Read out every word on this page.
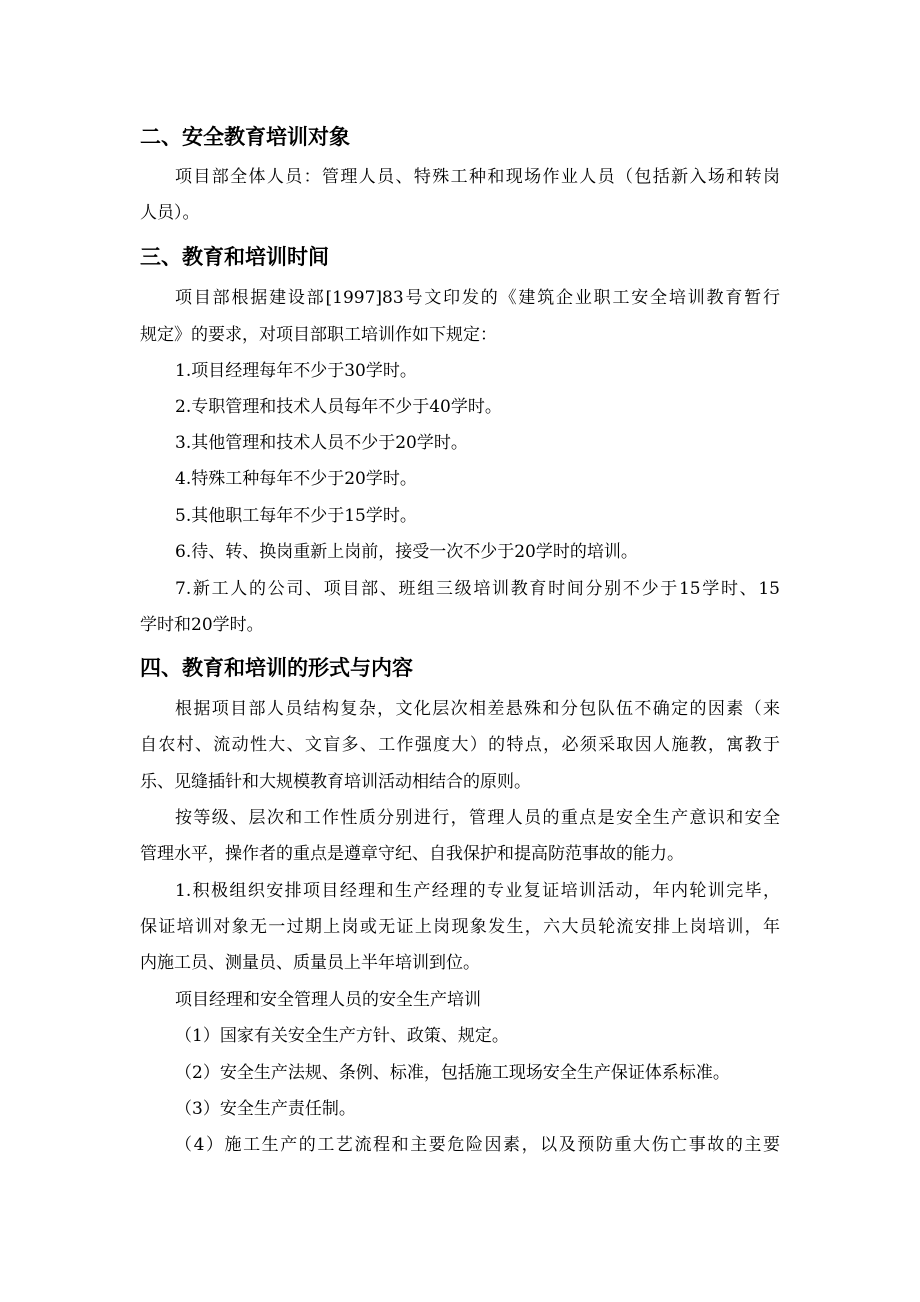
二、安全教育培训对象
项目部全体人员：管理人员、特殊工种和现场作业人员（包括新入场和转岗
人员）。
三、教育和培训时间
项目部根据建设部[1997]83号文印发的《建筑企业职工安全培训教育暂行
规定》的要求，对项目部职工培训作如下规定：
1.项目经理每年不少于30学时。
2.专职管理和技术人员每年不少于40学时。
3.其他管理和技术人员不少于20学时。
4.特殊工种每年不少于20学时。
5.其他职工每年不少于15学时。
6.待、转、换岗重新上岗前，接受一次不少于20学时的培训。
7.新工人的公司、项目部、班组三级培训教育时间分别不少于15学时、15
学时和20学时。
四、教育和培训的形式与内容
根据项目部人员结构复杂，文化层次相差悬殊和分包队伍不确定的因素（来
自农村、流动性大、文盲多、工作强度大）的特点，必须采取因人施教，寓教于
乐、见缝插针和大规模教育培训活动相结合的原则。
按等级、层次和工作性质分别进行，管理人员的重点是安全生产意识和安全
管理水平，操作者的重点是遵章守纪、自我保护和提高防范事故的能力。
1.积极组织安排项目经理和生产经理的专业复证培训活动，年内轮训完毕，
保证培训对象无一过期上岗或无证上岗现象发生，六大员轮流安排上岗培训，年
内施工员、测量员、质量员上半年培训到位。
项目经理和安全管理人员的安全生产培训
（1）国家有关安全生产方针、政策、规定。
（2）安全生产法规、条例、标准，包括施工现场安全生产保证体系标准。
（3）安全生产责任制。
（4）施工生产的工艺流程和主要危险因素，以及预防重大伤亡事故的主要
